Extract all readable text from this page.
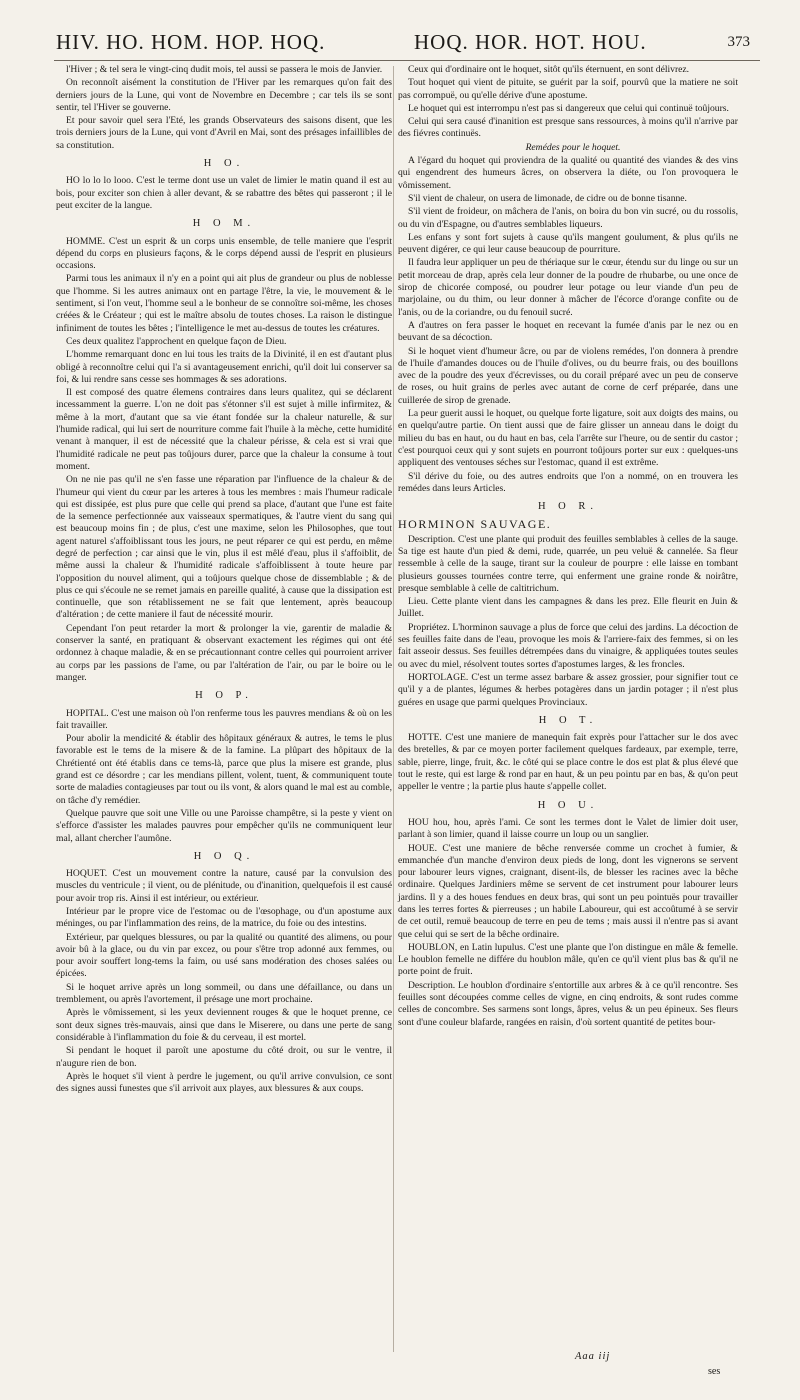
HIV. HO. HOM. HOP. HOQ.	HOQ. HOR. HOT. HOU.	373

l'Hiver ; & tel sera le vingt-cinq dudit mois, tel aussi se passera le mois de Janvier.

On reconnoît aisément la constitution de l'Hiver par les remarques qu'on fait des derniers jours de la Lune, qui vont de Novembre en Decembre ; car tels ils se sont sentir, tel l'Hiver se gouverne.

Et pour savoir quel sera l'Eté, les grands Observateurs des saisons disent, que les trois derniers jours de la Lune, qui vont d'Avril en Mai, sont des présages infaillibles de sa constitution.

H O.

HO lo lo lo looo. C'est le terme dont use un valet de limier le matin quand il est au bois, pour exciter son chien à aller devant, & se rabattre des bêtes qui passeront ; il le peut exciter de la langue.

H O M.

HOMME. C'est un esprit & un corps unis ensemble, de telle maniere que l'esprit dépend du corps en plusieurs façons, & le corps dépend aussi de l'esprit en plusieurs occasions.

Parmi tous les animaux il n'y en a point qui ait plus de grandeur ou plus de noblesse que l'homme. Si les autres animaux ont en partage l'être, la vie, le mouvement & le sentiment, si l'on veut, l'homme seul a le bonheur de se connoître soi-même, les choses créées & le Créateur ; qui est le maître absolu de toutes choses. La raison le distingue infiniment de toutes les bêtes ; l'intelligence le met au-dessus de toutes les créatures.

Ces deux qualitez l'approchent en quelque façon de Dieu.

L'homme remarquant donc en lui tous les traits de la Divinité, il en est d'autant plus obligé à reconnoître celui qui l'a si avantageusement enrichi, qu'il doit lui conserver sa foi, & lui rendre sans cesse ses hommages & ses adorations.

Il est composé des quatre élemens contraires dans leurs qualitez, qui se déclarent incessamment la guerre. L'on ne doit pas s'étonner s'il est sujet à mille infirmitez, & même à la mort, d'autant que sa vie étant fondée sur la chaleur naturelle, & sur l'humide radical, qui lui sert de nourriture comme fait l'huile à la mèche, cette humidité venant à manquer, il est de nécessité que la chaleur périsse, & cela est si vrai que l'humidité radicale ne peut pas toûjours durer, parce que la chaleur la consume à tout moment.

On ne nie pas qu'il ne s'en fasse une réparation par l'influence de la chaleur & de l'humeur qui vient du cœur par les arteres à tous les membres : mais l'humeur radicale qui est dissipée, est plus pure que celle qui prend sa place, d'autant que l'une est faite de la semence perfectionnée aux vaisseaux spermatiques, & l'autre vient du sang qui est beaucoup moins fin ; de plus, c'est une maxime, selon les Philosophes, que tout agent naturel s'affoiblissant tous les jours, ne peut réparer ce qui est perdu, en même degré de perfection ; car ainsi que le vin, plus il est mêlé d'eau, plus il s'affoiblit, de même aussi la chaleur & l'humidité radicale s'affoiblissent à toute heure par l'opposition du nouvel aliment, qui a toûjours quelque chose de dissemblable ; & de plus ce qui s'écoule ne se remet jamais en pareille qualité, à cause que la dissipation est continuelle, que son rétablissement ne se fait que lentement, après beaucoup d'altération ; de cette maniere il faut de nécessité mourir.

Cependant l'on peut retarder la mort & prolonger la vie, garentir de maladie & conserver la santé, en pratiquant & observant exactement les régimes qui ont été ordonnez à chaque maladie, & en se précautionnant contre celles qui pourroient arriver au corps par les passions de l'ame, ou par l'altération de l'air, ou par le boire ou le manger.

H O P.

HOPITAL. C'est une maison où l'on renferme tous les pauvres mendians & où on les fait travailler.

Pour abolir la mendicité & établir des hôpitaux généraux & autres, le tems le plus favorable est le tems de la misere & de la famine. La plûpart des hôpitaux de la Chrétienté ont été établis dans ce tems-là, parce que plus la misere est grande, plus grand est ce désordre ; car les mendians pillent, volent, tuent, & communiquent toute sorte de maladies contagieuses par tout ou ils vont, & alors quand le mal est au comble, on tâche d'y remédier.

Quelque pauvre que soit une Ville ou une Paroisse champêtre, si la peste y vient on s'efforce d'assister les malades pauvres pour empêcher qu'ils ne communiquent leur mal, allant chercher l'aumône.

H O Q.

HOQUET. C'est un mouvement contre la nature, causé par la convulsion des muscles du ventricule ; il vient, ou de plénitude, ou d'inanition, quelquefois il est causé pour avoir trop ris. Ainsi il est intérieur, ou extérieur.

Intérieur par le propre vice de l'estomac ou de l'œsophage, ou d'un apostume aux méninges, ou par l'inflammation des reins, de la matrice, du foie ou des intestins.

Extérieur, par quelques blessures, ou par la qualité ou quantité des alimens, ou pour avoir bû à la glace, ou du vin par excez, ou pour s'être trop adonné aux femmes, ou pour avoir souffert long-tems la faim, ou usé sans modération des choses salées ou épicées.

Si le hoquet arrive après un long sommeil, ou dans une défaillance, ou dans un tremblement, ou après l'avortement, il présage une mort prochaine.

Après le vômissement, si les yeux deviennent rouges & que le hoquet prenne, ce sont deux signes très-mauvais, ainsi que dans le Miserere, ou dans une perte de sang considérable à l'inflammation du foie & du cerveau, il est mortel.

Si pendant le hoquet il paroît une apostume du côté droit, ou sur le ventre, il n'augure rien de bon.

Après le hoquet s'il vient à perdre le jugement, ou qu'il arrive convulsion, ce sont des signes aussi funestes que s'il arrivoit aux playes, aux blessures & aux coups.

Ceux qui d'ordinaire ont le hoquet, sitôt qu'ils éternuent, en sont délivrez.

Tout hoquet qui vient de pituite, se guérit par la soif, pourvû que la matiere ne soit pas corrompuë, ou qu'elle dérive d'une apostume.

Le hoquet qui est interrompu n'est pas si dangereux que celui qui continuë toûjours.

Celui qui sera causé d'inanition est presque sans ressources, à moins qu'il n'arrive par des fiévres continuës.

Remédes pour le hoquet.

A l'égard du hoquet qui proviendra de la qualité ou quantité des viandes & des vins qui engendrent des humeurs âcres, on observera la diéte, ou l'on provoquera le vômissement.

S'il vient de chaleur, on usera de limonade, de cidre ou de bonne tisanne.

S'il vient de froideur, on mâchera de l'anis, on boira du bon vin sucré, ou du rossolis, ou du vin d'Espagne, ou d'autres semblables liqueurs.

Les enfans y sont fort sujets à cause qu'ils mangent goulument, & plus qu'ils ne peuvent digérer, ce qui leur cause beaucoup de pourriture.

Il faudra leur appliquer un peu de thériaque sur le cœur, étendu sur du linge ou sur un petit morceau de drap, après cela leur donner de la poudre de rhubarbe, ou une once de sirop de chicorée composé, ou poudrer leur potage ou leur viande d'un peu de marjolaine, ou du thim, ou leur donner à mâcher de l'écorce d'orange confite ou de l'anis, ou de la coriandre, ou du fenouil sucré.

A d'autres on fera passer le hoquet en recevant la fumée d'anis par le nez ou en beuvant de sa décoction.

Si le hoquet vient d'humeur âcre, ou par de violens remédes, l'on donnera à prendre de l'huile d'amandes douces ou de l'huile d'olives, ou du beurre frais, ou des bouillons avec de la poudre des yeux d'écrevisses, ou du corail préparé avec un peu de conserve de roses, ou huit grains de perles avec autant de corne de cerf préparée, dans une cuillerée de sirop de grenade.

La peur guerit aussi le hoquet, ou quelque forte ligature, soit aux doigts des mains, ou en quelqu'autre partie. On tient aussi que de faire glisser un anneau dans le doigt du milieu du bas en haut, ou du haut en bas, cela l'arrête sur l'heure, ou de sentir du castor ; c'est pourquoi ceux qui y sont sujets en pourront toûjours porter sur eux : quelques-uns appliquent des ventouses séches sur l'estomac, quand il est extrême.

S'il dérive du foie, ou des autres endroits que l'on a nommé, on en trouvera les remédes dans leurs Articles.

H O R.
HORMINON SAUVAGE.

Description. C'est une plante qui produit des feuilles semblables à celles de la sauge. Sa tige est haute d'un pied & demi, rude, quarrée, un peu veluë & cannelée. Sa fleur ressemble à celle de la sauge, tirant sur la couleur de pourpre : elle laisse en tombant plusieurs gousses tournées contre terre, qui enferment une graine ronde & noirâtre, presque semblable à celle de caltitrichum.

Lieu. Cette plante vient dans les campagnes & dans les prez. Elle fleurit en Juin & Juillet.

Propriétez. L'horminon sauvage a plus de force que celui des jardins. La décoction de ses feuilles faite dans de l'eau, provoque les mois & l'arriere-faix des femmes, si on les fait asseoir dessus. Ses feuilles détrempées dans du vinaigre, & appliquées toutes seules ou avec du miel, résolvent toutes sortes d'apostumes larges, & les froncles.

HORTOLAGE. C'est un terme assez barbare & assez grossier, pour signifier tout ce qu'il y a de plantes, légumes & herbes potagères dans un jardin potager ; il n'est plus guéres en usage que parmi quelques Provinciaux.

H O T.

HOTTE. C'est une maniere de manequin fait exprès pour l'attacher sur le dos avec des bretelles, & par ce moyen porter facilement quelques fardeaux, par exemple, terre, sable, pierre, linge, fruit, &c. le côté qui se place contre le dos est plat & plus élevé que tout le reste, qui est large & rond par en haut, & un peu pointu par en bas, & qu'on peut appeller le ventre ; la partie plus haute s'appelle collet.

H O U.

HOU hou, hou, après l'ami. Ce sont les termes dont le Valet de limier doit user, parlant à son limier, quand il laisse courre un loup ou un sanglier.

HOUE. C'est une maniere de bêche renversée comme un crochet à fumier, & emmanchée d'un manche d'environ deux pieds de long, dont les vignerons se servent pour labourer leurs vignes, craignant, disent-ils, de blesser les racines avec la bêche ordinaire. Quelques Jardiniers même se servent de cet instrument pour labourer leurs jardins. Il y a des houes fendues en deux bras, qui sont un peu pointuës pour travailler dans les terres fortes & pierreuses ; un habile Laboureur, qui est accoûtumé à se servir de cet outil, remuë beaucoup de terre en peu de tems ; mais aussi il n'entre pas si avant que celui qui se sert de la bêche ordinaire.

HOUBLON, en Latin lupulus. C'est une plante que l'on distingue en mâle & femelle. Le houblon femelle ne différe du houblon mâle, qu'en ce qu'il vient plus bas & qu'il ne porte point de fruit.

Description. Le houblon d'ordinaire s'entortille aux arbres & à ce qu'il rencontre. Ses feuilles sont découpées comme celles de vigne, en cinq endroits, & sont rudes comme celles de concombre. Ses sarmens sont longs, âpres, velus & un peu épineux. Ses fleurs sont d'une couleur blafarde, rangées en raisin, d'où sortent quantité de petites bour-

Aaa iij
ses
